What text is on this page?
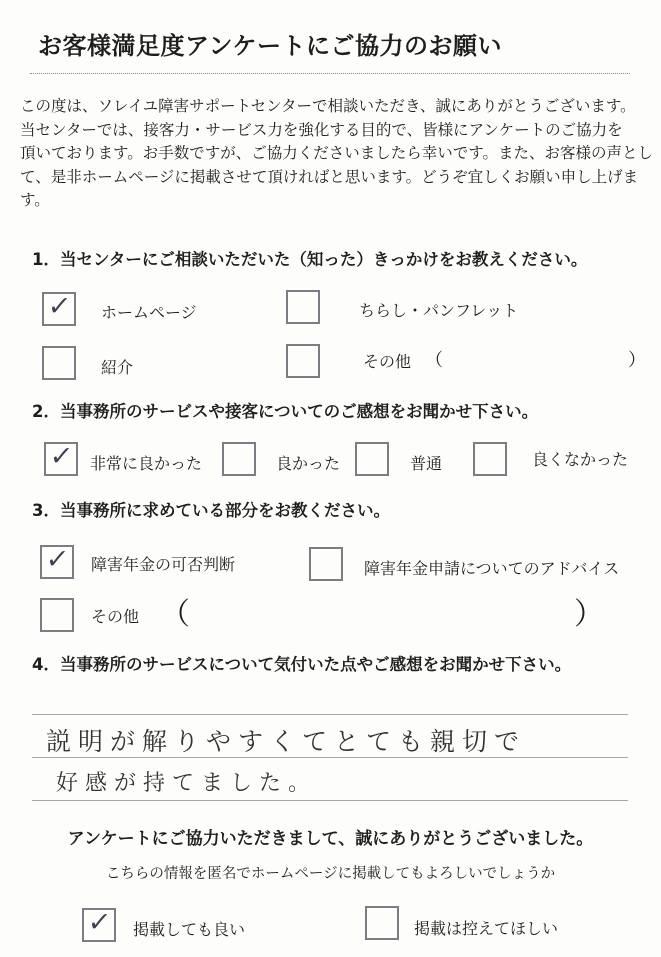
お客様満足度アンケートにご協力のお願い
この度は、ソレイユ障害サポートセンターで相談いただき、誠にありがとうございます。
当センターでは、接客力・サービス力を強化する目的で、皆様にアンケートのご協力を
頂いております。お手数ですが、ご協力くださいましたら幸いです。また、お客様の声とし
て、是非ホームページに掲載させて頂ければと思います。どうぞ宜しくお願い申し上げま
す。
1．当センターにご相談いただいた（知った）きっかけをお教えください。
✓ ホームページ	ちらし・パンフレット
紹介	その他 （	）
2．当事務所のサービスや接客についてのご感想をお聞かせ下さい。
✓ 非常に良かった	良かった	普通	良くなかった
3．当事務所に求めている部分をお教ください。
✓ 障害年金の可否判断	障害年金申請についてのアドバイス
その他 （	）
4．当事務所のサービスについて気付いた点やご感想をお聞かせ下さい。
説明が解りやすくてとても親切で
好感が持てました。
アンケートにご協力いただきまして、誠にありがとうございました。
こちらの情報を匿名でホームページに掲載してもよろしいでしょうか
✓ 掲載しても良い	掲載は控えてほしい
